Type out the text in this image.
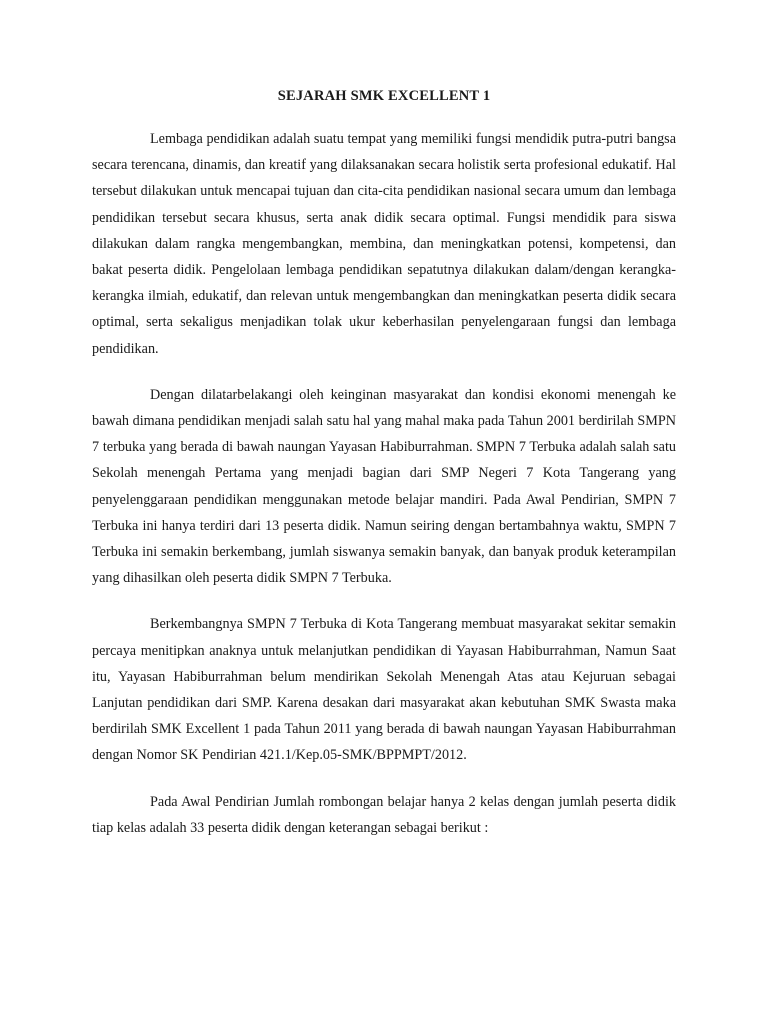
SEJARAH SMK EXCELLENT 1

Lembaga pendidikan adalah suatu tempat yang memiliki fungsi mendidik putra-putri bangsa secara terencana, dinamis, dan kreatif yang dilaksanakan secara holistik serta profesional edukatif. Hal tersebut dilakukan untuk mencapai tujuan dan cita-cita pendidikan nasional secara umum dan lembaga pendidikan tersebut secara khusus, serta anak didik secara optimal. Fungsi mendidik para siswa dilakukan dalam rangka mengembangkan, membina, dan meningkatkan potensi, kompetensi, dan bakat peserta didik. Pengelolaan lembaga pendidikan sepatutnya dilakukan dalam/dengan kerangka-kerangka ilmiah, edukatif, dan relevan untuk mengembangkan dan meningkatkan peserta didik secara optimal, serta sekaligus menjadikan tolak ukur keberhasilan penyelengaraan fungsi dan lembaga pendidikan.

Dengan dilatarbelakangi oleh keinginan masyarakat dan kondisi ekonomi menengah ke bawah dimana pendidikan menjadi salah satu hal yang mahal maka pada Tahun 2001 berdirilah SMPN 7 terbuka yang berada di bawah naungan Yayasan Habiburrahman. SMPN 7 Terbuka adalah salah satu Sekolah menengah Pertama yang menjadi bagian dari SMP Negeri 7 Kota Tangerang yang penyelenggaraan pendidikan menggunakan metode belajar mandiri. Pada Awal Pendirian, SMPN 7 Terbuka ini hanya terdiri dari 13 peserta didik. Namun seiring dengan bertambahnya waktu, SMPN 7 Terbuka ini semakin berkembang, jumlah siswanya semakin banyak, dan banyak produk keterampilan yang dihasilkan oleh peserta didik SMPN 7 Terbuka.

Berkembangnya SMPN 7 Terbuka di Kota Tangerang membuat masyarakat sekitar semakin percaya menitipkan anaknya untuk melanjutkan pendidikan di Yayasan Habiburrahman, Namun Saat itu, Yayasan Habiburrahman belum mendirikan Sekolah Menengah Atas atau Kejuruan sebagai Lanjutan pendidikan dari SMP. Karena desakan dari masyarakat akan kebutuhan SMK Swasta maka berdirilah SMK Excellent 1 pada Tahun 2011 yang berada di bawah naungan Yayasan Habiburrahman dengan Nomor SK Pendirian 421.1/Kep.05-SMK/BPPMPT/2012.

Pada Awal Pendirian Jumlah rombongan belajar hanya 2 kelas dengan jumlah peserta didik tiap kelas adalah 33 peserta didik dengan keterangan sebagai berikut :
